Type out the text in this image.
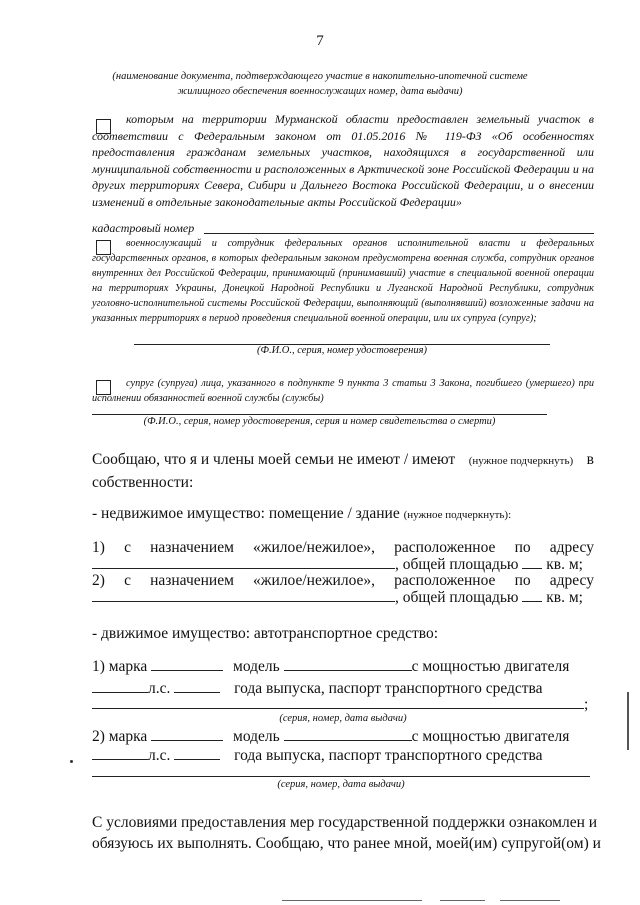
7
(наименование документа, подтверждающего участие в накопительно-ипотечной системе
жилищного обеспечения военнослужащих номер, дата выдачи)
которым на территории Мурманской области предоставлен земельный участок в соответствии с Федеральным законом от 01.05.2016 № 119-ФЗ «Об особенностях предоставления гражданам земельных участков, находящихся в государственной или муниципальной собственности и расположенных в Арктической зоне Российской Федерации и на других территориях Севера, Сибири и Дальнего Востока Российской Федерации, и о внесении изменений в отдельные законодательные акты Российской Федерации»
кадастровый номер
военнослужащий и сотрудник федеральных органов исполнительной власти и федеральных государственных органов, в которых федеральным законом предусмотрена военная служба, сотрудник органов внутренних дел Российской Федерации, принимающий (принимавший) участие в специальной военной операции на территориях Украины, Донецкой Народной Республики и Луганской Народной Республики, сотрудник уголовно-исполнительной системы Российской Федерации, выполняющий (выполнявший) возложенные задачи на указанных территориях в период проведения специальной военной операции, или их супруга (супруг);
(Ф.И.О., серия, номер удостоверения)
супруг (супруга) лица, указанного в подпункте 9 пункта 3 статьи 3 Закона, погибшего (умершего) при исполнении обязанностей военной службы (службы)
(Ф.И.О., серия, номер удостоверения, серия и номер свидетельства о смерти)
Сообщаю, что я и члены моей семьи не имеют / имеют (нужное подчеркнуть) в
собственности:
- недвижимое имущество: помещение / здание (нужное подчеркнуть):
1) с назначением «жилое/нежилое», расположенное по адресу
, общей площадью кв. м;
2) с назначением «жилое/нежилое», расположенное по адресу
, общей площадью кв. м;
- движимое имущество: автотранспортное средство:
1) марка	модель	с мощностью двигателя
л.с.	года выпуска, паспорт транспортного средства
;
(серия, номер, дата выдачи)
2) марка	модель	с мощностью двигателя
л.с.	года выпуска, паспорт транспортного средства
(серия, номер, дата выдачи)
С условиями предоставления мер государственной поддержки ознакомлен и
обязуюсь их выполнять. Сообщаю, что ранее мной, моей(им) супругой(ом) и
